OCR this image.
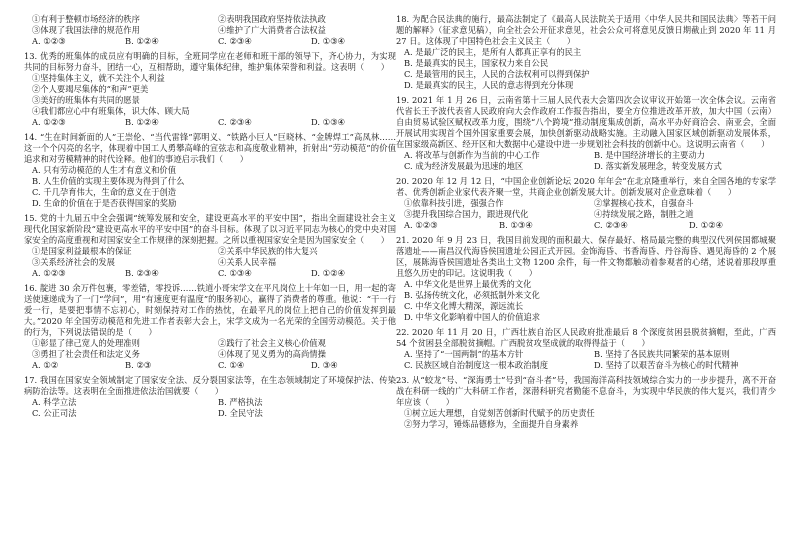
①有利于整顿市场经济的秩序	②表明我国政府坚持依法执政
③体现了我国法律的规范作用	④维护了广大消费者合法权益
A. ①②③	B. ①②④	C. ②③④	D. ①③④

13. 优秀的班集体的成员应有明确的目标，全班同学应在老师和班干部的领导下，齐心协力，为实现共同的目标努力奋斗，团结一心，互相帮助，遵守集体纪律，维护集体荣誉和利益。这表明（　　）

①坚持集体主义，就不关注个人利益
②个人要竭尽集体的“和声”更美
③美好的班集体有共同的愿景
④我们都应心中有班集体，识大体、顾大局
A. ①②③	B. ①②④	C. ②③④	D. ①③④

14. “生在时间新面的人”王崇伦、“当代雷锋”郭明义、“铁路小巨人”巨晓林、“金牌焊工”高凤林……这一个个闪亮的名字，体现着中国工人勇攀高峰的宣弦志和高度敬业精神，折射出“劳动模范”的价值追求和对劳模精神的时代诠释。他们的事迹启示我们（　　）

A. 只有劳动模范的人生才有意义和价值
B. 人生价值的实现主要体现为得到了什么
C. 千几孕育伟大，生命的意义在于创造
D. 生命的价值在于是否获得国家的奖励

15. 党的十九届五中全会强调“统筹发展和安全，建设更高水平的平安中国”，指出全面建设社会主义现代化国家新阶段“建设更高水平的平安中国”的奋斗目标。体现了以习近平同志为核心的党中央对国家安全的高度重视和对国家安全工作规律的深刻把握。之所以重视国家安全是因为国家安全（　　）

①是国家利益最根本的保证	②关系中华民族的伟大复兴
③关系经济社会的发展	④关系人民幸福
A. ①②③	B. ②③④	C. ①③④	D. ①②④

16. 靛进 30 余万件包裹，零差错，零投诉……铁道小哥宋学文在平凡岗位上十年如一日，用一起的寄送使速递成为了一门“学问”，用“有速度更有温度”的服务初心，赢得了消费者的尊重。他说：“干一行爱一行，是要把事情不忘初心，时刻保持对工作的热忱，在最平凡的岗位上把自己的价值发挥到最大。”2020 年全国劳动模范和先进工作者表彰大会上，宋学文成为一名光荣的全国劳动模范。关于他的行为，下列说法错误的是（　　）

①彰显了律己宽人的处理准则	②践行了社会主义核心价值观
③勇担了社会责任和法定义务	④体现了见义勇为的高尚情操
A. ①②	B. ②③	C. ①④	D. ③④

17. 我国在国家安全领域制定了国家安全法、反分裂国家法等，在生态领域制定了环境保护法、传染病防治法等。这表明在全面推进依法治国就要（　　）

A. 科学立法	B. 严格执法
C. 公正司法	D. 全民守法

18. 为配合民法典的施行，最高法制定了《最高人民法院关于适用〈中华人民共和国民法典〉等若干问题的解释》（征求意见稿），向全社会公开征求意见，社会公众可将意见反馈日期截止到 2020 年 11 月 27 日。这体现了中国特色社会主义民主（　　）

A. 是最广泛的民主，是所有人都真正享有的民主
B. 是最真实的民主，国家权力来自公民
C. 是最管用的民主，人民的合法权利可以得到保护
D. 是最真实的民主，人民的意志得到充分体现

19. 2021 年 1 月 26 日，云南省第十三届人民代表大会第四次会议审议开始第一次全体会议。云南省代省长王予波代表省人民政府向大会作政府工作报告指出，要全方位推进改革开放，加大中国（云南）自由贸易试验区赋权改革力度，围绕“八个跨境”推动制度集成创新，高水平办好商洽会、南亚会，全面开展试用实现首个国外国家重要会展，加快创新驱动战略实施。主动融入国家区域创新驱动发展体系，在国家级高新区、经开区和大数据中心建设中进一步规划社会科技的创新中心。这说明云南省（　　）

A. 将改革与创新作为当前的中心工作	B. 是中国经济增长的主要动力
C. 成为经济发展最为迅速的地区	D. 落实新发展理念，转变发展方式

20. 2020 年 12 月 12 日，“中国企业创新论坛 2020 年年会”在北京隆重举行，来自全国各地的专家学者、优秀创新企业家代表齐聚一堂，共商企业创新发展大计。创新发展对企业意味着（　　）

①依靠科技引进，强强合作	②掌握核心技术，自强奋斗
③提升我国综合国力，跟进现代化	④持续发展之路，制胜之道
A. ①②③	B. ①③④	C. ②③④	D. ①②④

21. 2020 年 9 月 23 日，我国目前发现的面积最大、保存最好、格局最完整的典型汉代列侯国都城聚落遗址——南昌汉代海昏侯国遗址公园正式开园。金饰海昏、书香海昏、丹谷海昏、遇见海昏的 2 个展区，展陈海昏侯国遗址各类出土文物 1200 余件，每一件文物都触动着参观者的心绪，述说着那段厚重且悠久历史的印记。这说明我（　　）

A. 中华文化是世界上最优秀的文化
B. 弘扬传统文化，必须抵制外来文化
C. 中华文化博大精深，源远流长
D. 中华文化影响着中国人的价值追求

22. 2020 年 11 月 20 日，广西壮族自治区人民政府批准最后 8 个深度贫困县脱贫摘帽，至此，广西 54 个贫困县全部脱贫摘帽。广西脱贫攻坚成就的取得得益于（　　）

A. 坚持了“一国两制”的基本方针	B. 坚持了各民族共同繁荣的基本原则
C. 民族区域自治制度这一根本政治制度	D. 坚持了以艰苦奋斗为核心的时代精神

23. 从“蛟龙”号、“深海勇士”号到“奋斗者”号，我国海洋高科技领域综合实力的一步步提升，离不开奋战在科研一线的广大科研工作者，深潜科研究者勤能不息奋斗，为实现中华民族的伟大复兴，我们青少年应该（　　）

①树立远大理想，自觉刻苦创新时代赋予的历史责任
②努力学习，锤炼品德修为，全面提升自身素养
